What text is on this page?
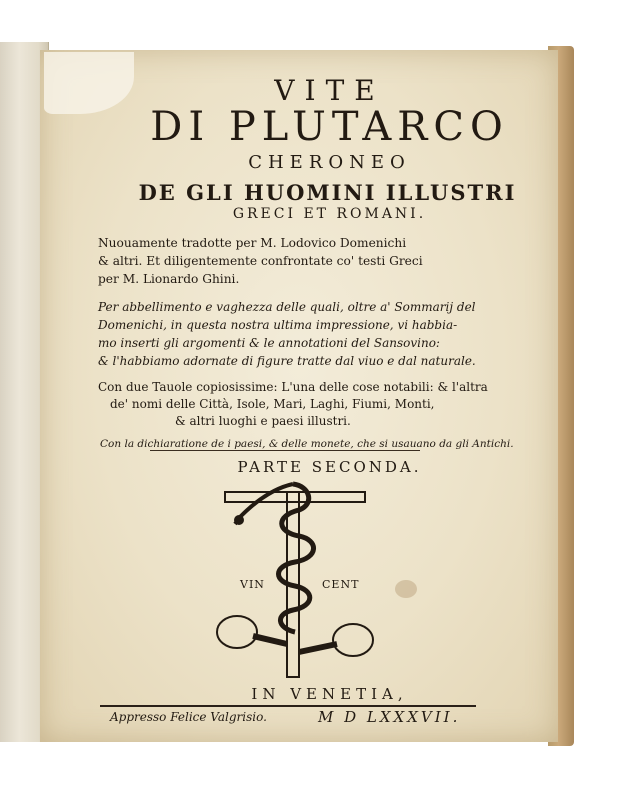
VITE
DI PLUTARCO
CHERONEO
DE GLI HUOMINI ILLUSTRI
GRECI ET ROMANI.
Nuouamente tradotte per M. Lodovico Domenichi
& altri. Et diligentemente confrontate co' testi Greci
per M. Lionardo Ghini.
Per abbellimento e vaghezza delle quali, oltre a' Sommarij del
Domenichi, in questa nostra ultima impressione, vi habbia-
mo inserti gli argomenti & le annotationi del Sansovino:
& l'habbiamo adornate di figure tratte dal viuo e dal naturale.
Con due Tauole copiosissime: L'una delle cose notabili: & l'altra
de' nomi delle Città, Isole, Mari, Laghi, Fiumi, Monti,
& altri luoghi e paesi illustri.
Con la dichiaratione de i paesi, & delle monete, che si usauano da gli Antichi.
PARTE SECONDA.
VIN	CENT
IN VENETIA,
Appresso Felice Valgrisio.	M D LXXXVII.
